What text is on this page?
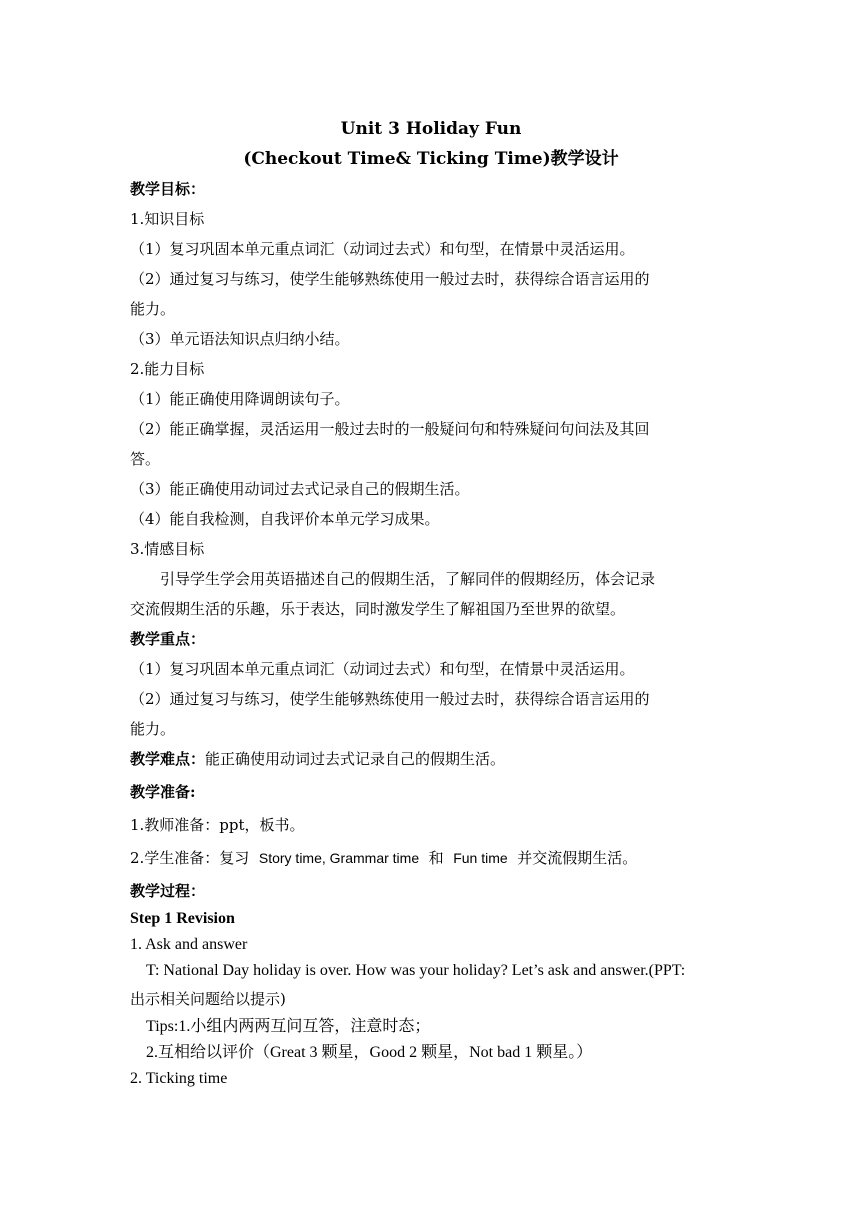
Unit 3 Holiday Fun

(Checkout Time& Ticking Time)教学设计

教学目标：

1.知识目标

（1）复习巩固本单元重点词汇（动词过去式）和句型，在情景中灵活运用。

（2）通过复习与练习，使学生能够熟练使用一般过去时，获得综合语言运用的

能力。

（3）单元语法知识点归纳小结。

2.能力目标

（1）能正确使用降调朗读句子。

（2）能正确掌握，灵活运用一般过去时的一般疑问句和特殊疑问句问法及其回

答。

（3）能正确使用动词过去式记录自己的假期生活。

（4）能自我检测，自我评价本单元学习成果。

3.情感目标

引导学生学会用英语描述自己的假期生活，了解同伴的假期经历，体会记录

交流假期生活的乐趣，乐于表达，同时激发学生了解祖国乃至世界的欲望。

教学重点：

（1）复习巩固本单元重点词汇（动词过去式）和句型，在情景中灵活运用。

（2）通过复习与练习，使学生能够熟练使用一般过去时，获得综合语言运用的

能力。

教学难点：能正确使用动词过去式记录自己的假期生活。

教学准备:

1.教师准备：ppt，板书。

2.学生准备：复习  Story time, Grammar time  和  Fun time  并交流假期生活。

教学过程：

Step 1 Revision

1. Ask and answer

T: National Day holiday is over. How was your holiday? Let’s ask and answer.(PPT:

出示相关问题给以提示)

Tips:1.小组内两两互问互答，注意时态；

2.互相给以评价（Great 3 颗星，Good 2 颗星，Not bad 1 颗星。）

2. Ticking time
